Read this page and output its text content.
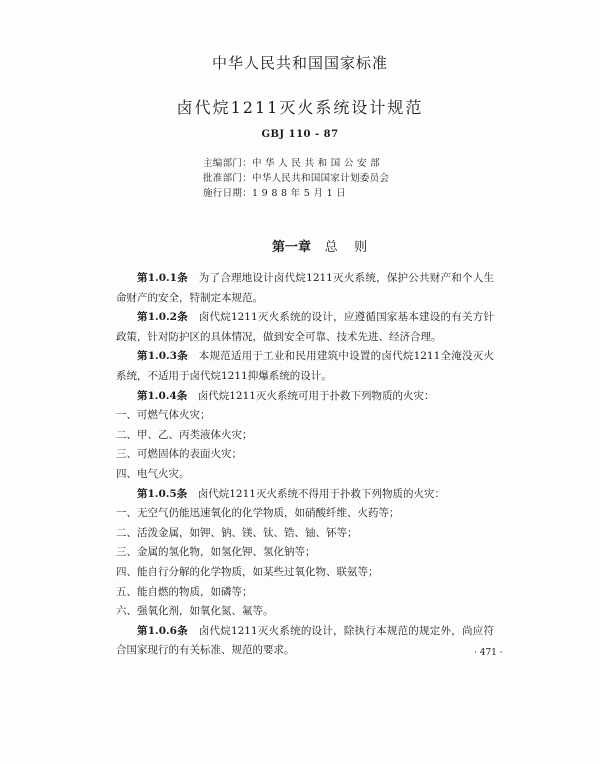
中华人民共和国国家标准
卤代烷1211灭火系统设计规范
GBJ 110 - 87
主编部门：中 华 人 民 共 和 国 公 安 部
批准部门：中华人民共和国国家计划委员会
施行日期：1 9 8 8 年 5 月 1 日
第一章 总    则

第1.0.1条　 为了合理地设计卤代烷1211灭火系统，保护公共财产和个人生命财产的安全，特制定本规范。

第1.0.2条　 卤代烷1211灭火系统的设计，应遵循国家基本建设的有关方针政策，针对防护区的具体情况，做到安全可靠、技术先进、经济合理。

第1.0.3条　 本规范适用于工业和民用建筑中设置的卤代烷1211全淹没灭火系统，不适用于卤代烷1211抑爆系统的设计。

第1.0.4条　 卤代烷1211灭火系统可用于扑救下列物质的火灾：

一、可燃气体火灾；

二、甲、乙、丙类液体火灾；

三、可燃固体的表面火灾；

四、电气火灾。

第1.0.5条　 卤代烷1211灭火系统不得用于扑救下列物质的火灾：

一、无空气仍能迅速氧化的化学物质，如硝酸纤维、火药等；

二、活泼金属，如钾、钠、镁、钛、锆、铀、钚等；

三、金属的氢化物，如氢化钾、氢化钠等；

四、能自行分解的化学物质，如某些过氧化物、联氨等；

五、能自燃的物质，如磷等；

六、强氧化剂，如氧化氮、氟等。

第1.0.6条　 卤代烷1211灭火系统的设计，除执行本规范的规定外，尚应符合国家现行的有关标准、规范的要求。	· 471 ·
